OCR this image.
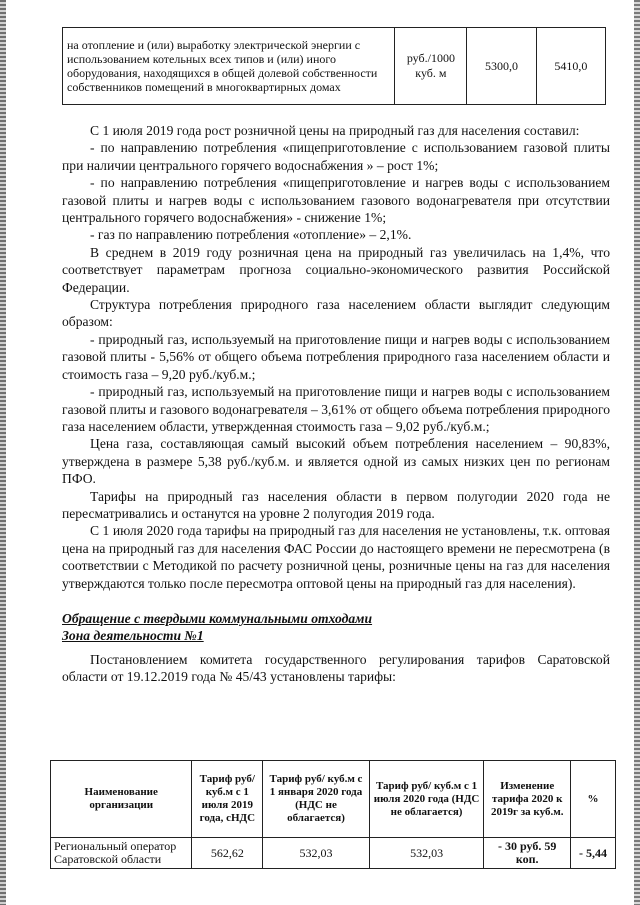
на отопление и (или) выработку электрической энергии с использованием котельных всех типов и (или) иного оборудования, находящихся в общей долевой собственности собственников помещений в многоквартирных домах	руб./1000 куб. м	5300,0	5410,0

С 1 июля 2019 года рост розничной цены на природный газ для населения составил:

- по направлению потребления «пищеприготовление с использованием газовой плиты при наличии центрального горячего водоснабжения » – рост 1%;

- по направлению потребления «пищеприготовление и нагрев воды с использованием газовой плиты и нагрев воды с использованием газового водонагревателя при отсутствии центрального горячего водоснабжения» - снижение 1%;

- газ по направлению потребления «отопление» – 2,1%.

В среднем в 2019 году розничная цена на природный газ увеличилась на 1,4%, что соответствует параметрам прогноза социально-экономического развития Российской Федерации.

Структура потребления природного газа населением области выглядит следующим образом:

- природный газ, используемый на приготовление пищи и нагрев воды с использованием газовой плиты - 5,56% от общего объема потребления природного газа населением области и стоимость газа – 9,20 руб./куб.м.;

- природный газ, используемый на приготовление пищи и нагрев воды с использованием газовой плиты и газового водонагревателя – 3,61% от общего объема потребления природного газа населением области, утвержденная стоимость газа – 9,02 руб./куб.м.;

Цена газа, составляющая самый высокий объем потребления населением – 90,83%, утверждена в размере 5,38 руб./куб.м. и является одной из самых низких цен по регионам ПФО.

Тарифы на природный газ населения области в первом полугодии 2020 года не пересматривались и останутся на уровне 2 полугодия 2019 года.

С 1 июля 2020 года тарифы на природный газ для населения не установлены, т.к. оптовая цена на природный газ для населения ФАС России до настоящего времени не пересмотрена (в соответствии с Методикой по расчету розничной цены, розничные цены на газ для населения утверждаются только после пересмотра оптовой цены на природный газ для населения).

Обращение с твердыми коммунальными отходами

Зона деятельности №1

Постановлением комитета государственного регулирования тарифов Саратовской области от 19.12.2019 года № 45/43 установлены тарифы:

Наименование организации	Тариф руб/ куб.м с 1 июля 2019 года, сНДС	Тариф руб/ куб.м с 1 января 2020 года (НДС не облагается)	Тариф руб/ куб.м с 1 июля 2020 года (НДС не облагается)	Изменение тарифа 2020 к 2019г за куб.м.	%
Региональный оператор Саратовской области	562,62	532,03	532,03	- 30 руб. 59 коп.	- 5,44
